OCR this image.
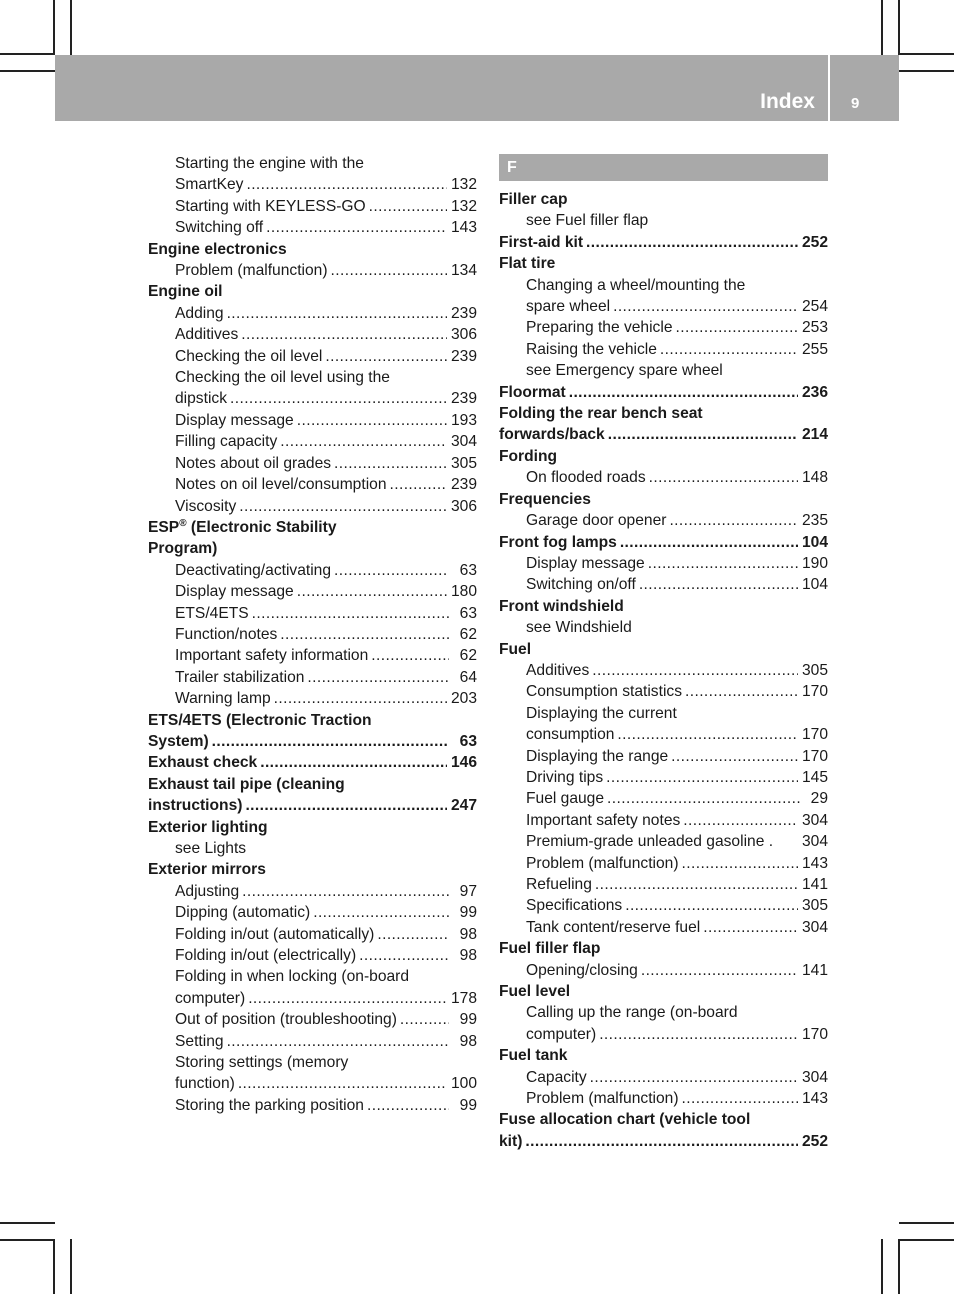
Index 9
Starting the engine with the
SmartKey .....	132
Starting with KEYLESS-GO .....	132
Switching off .....	143
Engine electronics
Problem (malfunction) .....	134
Engine oil
Adding .....	239
Additives .....	306
Checking the oil level .....	239
Checking the oil level using the
dipstick .....	239
Display message .....	193
Filling capacity .....	304
Notes about oil grades .....	305
Notes on oil level/consumption .....	239
Viscosity .....	306
ESP® (Electronic Stability
Program)
Deactivating/activating .....	63
Display message .....	180
ETS/4ETS .....	63
Function/notes .....	62
Important safety information .....	62
Trailer stabilization .....	64
Warning lamp .....	203
ETS/4ETS (Electronic Traction
System) .....	63
Exhaust check .....	146
Exhaust tail pipe (cleaning
instructions) .....	247
Exterior lighting
see Lights
Exterior mirrors
Adjusting .....	97
Dipping (automatic) .....	99
Folding in/out (automatically) .....	98
Folding in/out (electrically) .....	98
Folding in when locking (on-board
computer) .....	178
Out of position (troubleshooting) .....	99
Setting .....	98
Storing settings (memory
function) .....	100
Storing the parking position .....	99
F
Filler cap
see Fuel filler flap
First-aid kit .....	252
Flat tire
Changing a wheel/mounting the
spare wheel .....	254
Preparing the vehicle .....	253
Raising the vehicle .....	255
see Emergency spare wheel
Floormat .....	236
Folding the rear bench seat
forwards/back .....	214
Fording
On flooded roads .....	148
Frequencies
Garage door opener .....	235
Front fog lamps .....	104
Display message .....	190
Switching on/off .....	104
Front windshield
see Windshield
Fuel
Additives .....	305
Consumption statistics .....	170
Displaying the current
consumption .....	170
Displaying the range .....	170
Driving tips .....	145
Fuel gauge .....	29
Important safety notes .....	304
Premium-grade unleaded gasoline . 304
Problem (malfunction) .....	143
Refueling .....	141
Specifications .....	305
Tank content/reserve fuel .....	304
Fuel filler flap
Opening/closing .....	141
Fuel level
Calling up the range (on-board
computer) .....	170
Fuel tank
Capacity .....	304
Problem (malfunction) .....	143
Fuse allocation chart (vehicle tool
kit) .....	252
